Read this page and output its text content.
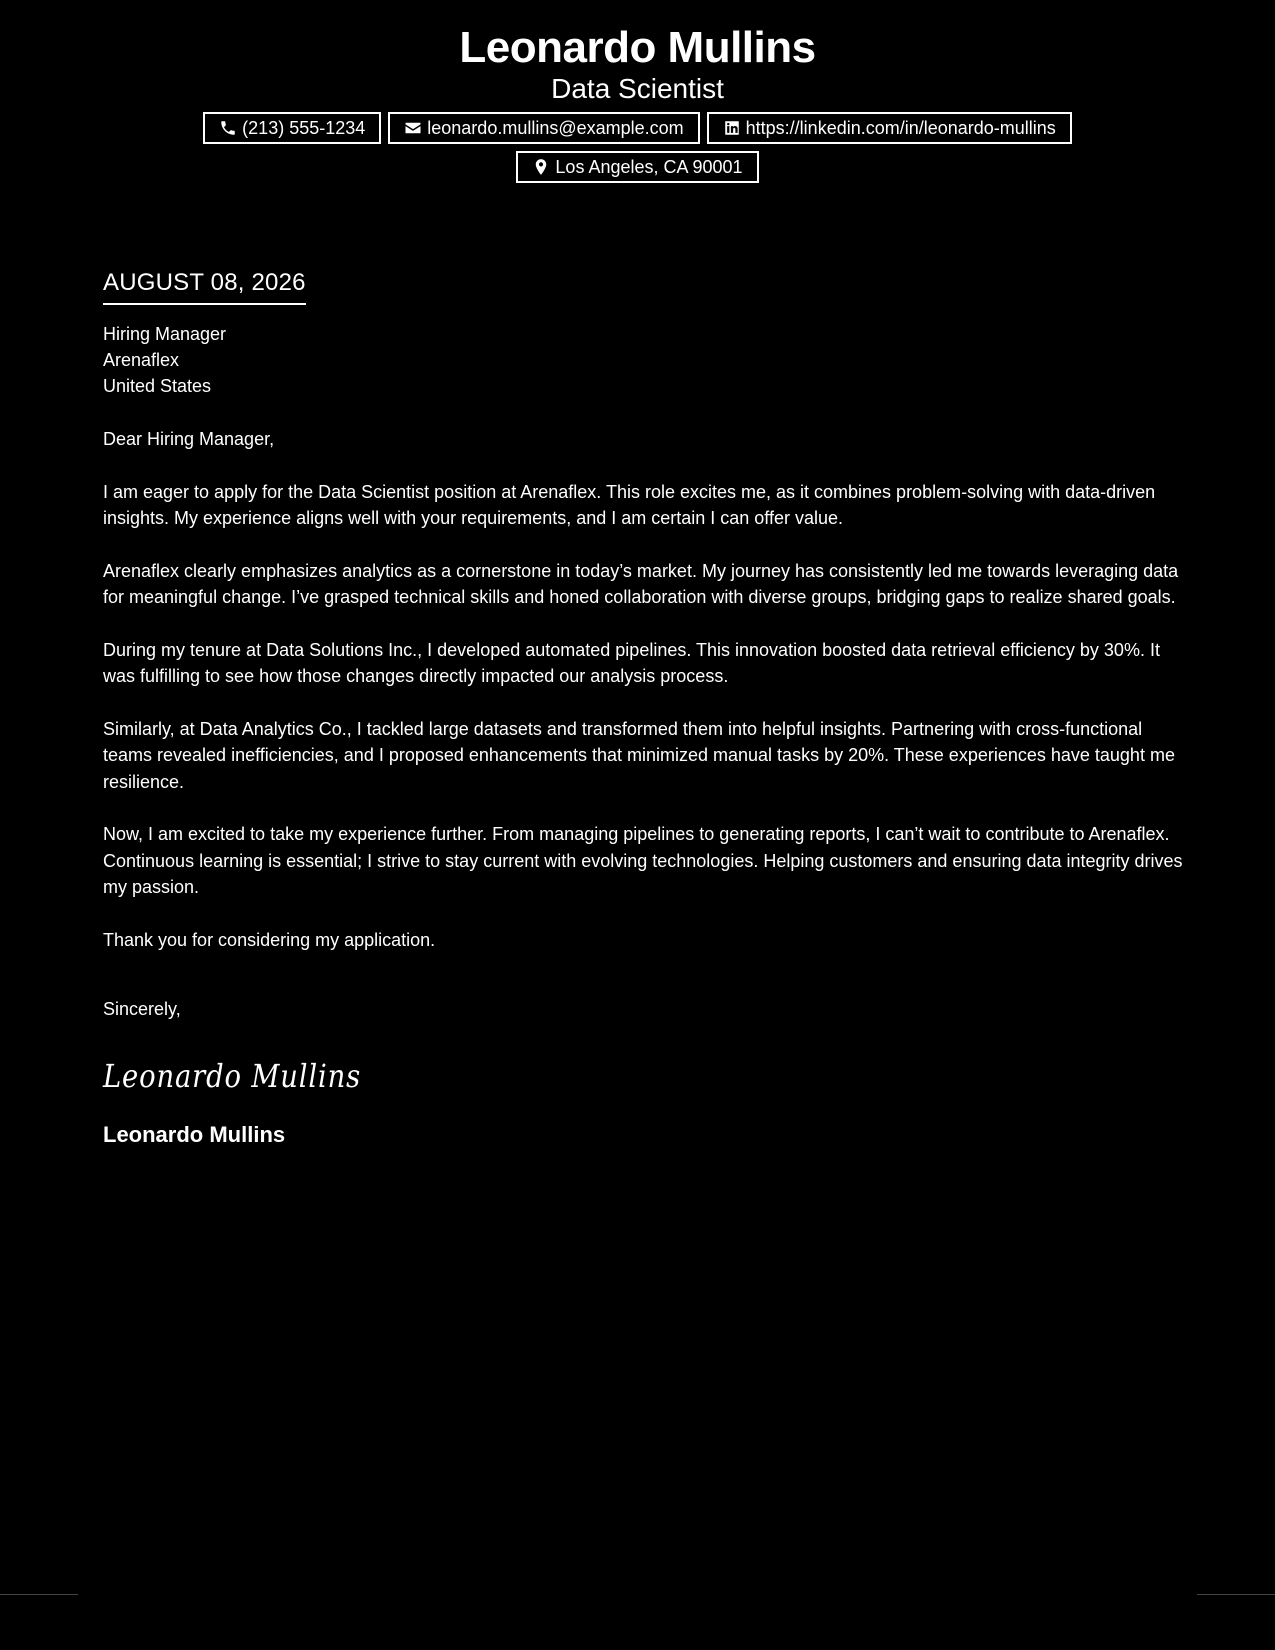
Leonardo Mullins
Data Scientist
(213) 555-1234	leonardo.mullins@example.com	https://linkedin.com/in/leonardo-mullins
Los Angeles, CA 90001
AUGUST 08, 2026
Hiring Manager
Arenaflex
United States
Dear Hiring Manager,
I am eager to apply for the Data Scientist position at Arenaflex. This role excites me, as it combines problem-solving with data-driven insights. My experience aligns well with your requirements, and I am certain I can offer value.
Arenaflex clearly emphasizes analytics as a cornerstone in today’s market. My journey has consistently led me towards leveraging data for meaningful change. I’ve grasped technical skills and honed collaboration with diverse groups, bridging gaps to realize shared goals.
During my tenure at Data Solutions Inc., I developed automated pipelines. This innovation boosted data retrieval efficiency by 30%. It was fulfilling to see how those changes directly impacted our analysis process.
Similarly, at Data Analytics Co., I tackled large datasets and transformed them into helpful insights. Partnering with cross-functional teams revealed inefficiencies, and I proposed enhancements that minimized manual tasks by 20%. These experiences have taught me resilience.
Now, I am excited to take my experience further. From managing pipelines to generating reports, I can’t wait to contribute to Arenaflex. Continuous learning is essential; I strive to stay current with evolving technologies. Helping customers and ensuring data integrity drives my passion.
Thank you for considering my application.
Sincerely,
Leonardo Mullins
Leonardo Mullins
